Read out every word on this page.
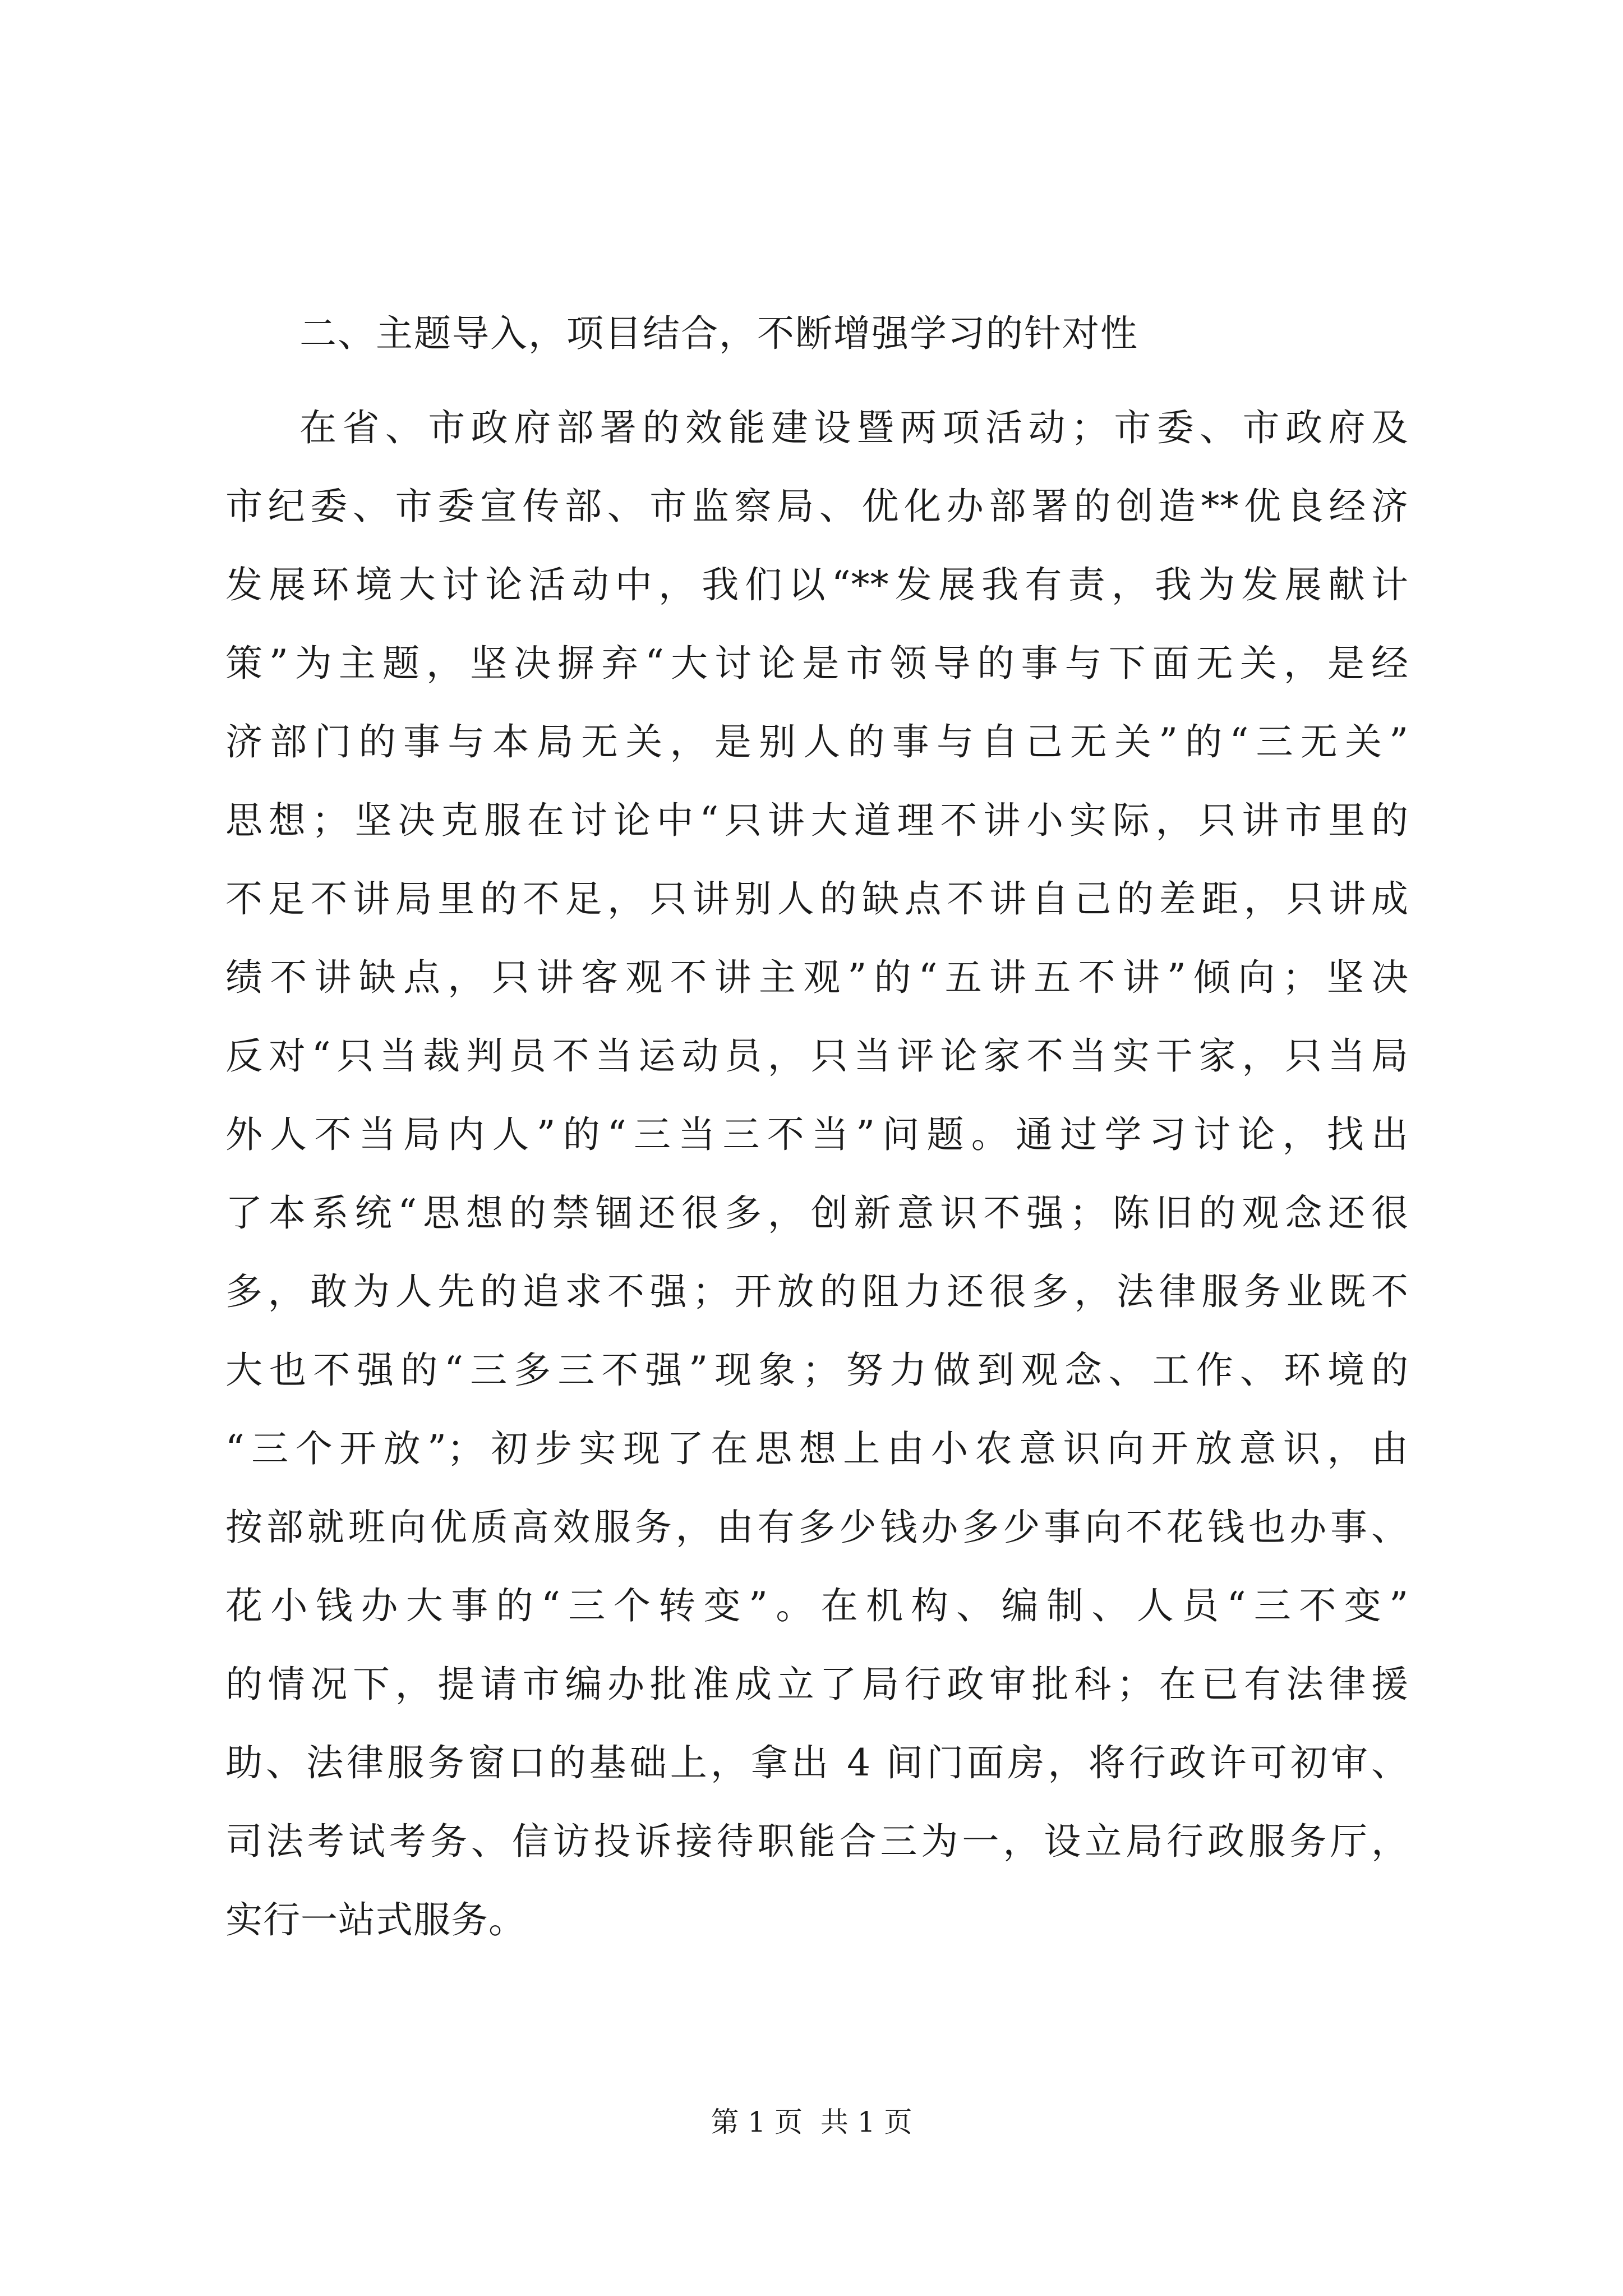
二、主题导入，项目结合，不断增强学习的针对性

在省、市政府部署的效能建设暨两项活动；市委、市政府及

市纪委、市委宣传部、市监察局、优化办部署的创造**优良经济

发展环境大讨论活动中，我们以“**发展我有责，我为发展献计

策”为主题，坚决摒弃“大讨论是市领导的事与下面无关，是经

济部门的事与本局无关，是别人的事与自己无关”的“三无关”

思想；坚决克服在讨论中“只讲大道理不讲小实际，只讲市里的

不足不讲局里的不足，只讲别人的缺点不讲自己的差距，只讲成

绩不讲缺点，只讲客观不讲主观”的“五讲五不讲”倾向；坚决

反对“只当裁判员不当运动员，只当评论家不当实干家，只当局

外人不当局内人”的“三当三不当”问题。通过学习讨论，找出

了本系统“思想的禁锢还很多，创新意识不强；陈旧的观念还很

多，敢为人先的追求不强；开放的阻力还很多，法律服务业既不

大也不强的“三多三不强”现象；努力做到观念、工作、环境的

“三个开放”；初步实现了在思想上由小农意识向开放意识，由

按部就班向优质高效服务，由有多少钱办多少事向不花钱也办事、

花小钱办大事的“三个转变”。在机构、编制、人员“三不变”

的情况下，提请市编办批准成立了局行政审批科；在已有法律援

助、法律服务窗口的基础上，拿出 4 间门面房，将行政许可初审、

司法考试考务、信访投诉接待职能合三为一，设立局行政服务厅，

实行一站式服务。

第 1 页  共 1 页
